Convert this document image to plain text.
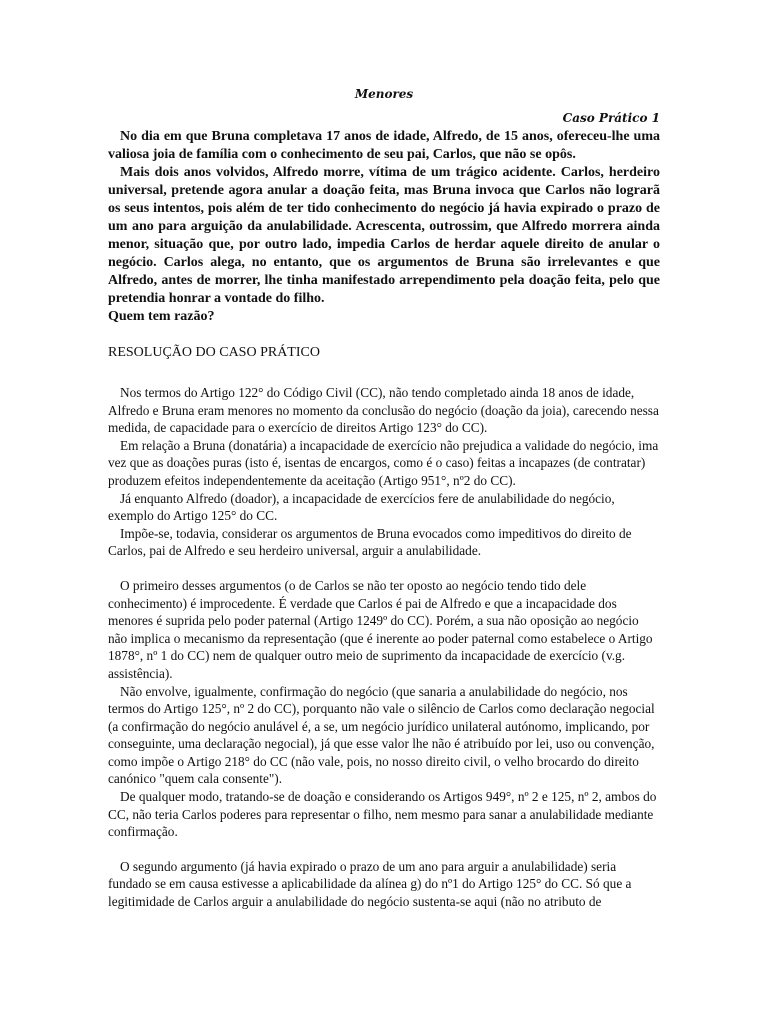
Menores
Caso Prático 1

No dia em que Bruna completava 17 anos de idade, Alfredo, de 15 anos, ofereceu-lhe uma valiosa joia de família com o conhecimento de seu pai, Carlos, que não se opôs.

Mais dois anos volvidos, Alfredo morre, vítima de um trágico acidente. Carlos, herdeiro universal, pretende agora anular a doação feita, mas Bruna invoca que Carlos não lograrã os seus intentos, pois além de ter tido conhecimento do negócio já havia expirado o prazo de um ano para arguição da anulabilidade. Acrescenta, outrossim, que Alfredo morrera ainda menor, situação que, por outro lado, impedia Carlos de herdar aquele direito de anular o negócio. Carlos alega, no entanto, que os argumentos de Bruna são irrelevantes e que Alfredo, antes de morrer, lhe tinha manifestado arrependimento pela doação feita, pelo que pretendia honrar a vontade do filho.

Quem tem razão?

RESOLUÇÃO DO CASO PRÁTICO

Nos termos do Artigo 122° do Código Civil (CC), não tendo completado ainda 18 anos de idade, Alfredo e Bruna eram menores no momento da conclusão do negócio (doação da joia), carecendo nessa medida, de capacidade para o exercício de direitos Artigo 123° do CC).

Em relação a Bruna (donatária) a incapacidade de exercício não prejudica a validade do negócio, ima vez que as doações puras (isto é, isentas de encargos, como é o caso) feitas a incapazes (de contratar) produzem efeitos independentemente da aceitação (Artigo 951°, nº2 do CC).

Já enquanto Alfredo (doador), a incapacidade de exercícios fere de anulabilidade do negócio, exemplo do Artigo 125° do CC.

Impõe-se, todavia, considerar os argumentos de Bruna evocados como impeditivos do direito de Carlos, pai de Alfredo e seu herdeiro universal, arguir a anulabilidade.

O primeiro desses argumentos (o de Carlos se não ter oposto ao negócio tendo tido dele conhecimento) é improcedente. É verdade que Carlos é pai de Alfredo e que a incapacidade dos menores é suprida pelo poder paternal (Artigo 1249º do CC). Porém, a sua não oposição ao negócio não implica o mecanismo da representação (que é inerente ao poder paternal como estabelece o Artigo 1878°, nº 1 do CC) nem de qualquer outro meio de suprimento da incapacidade de exercício (v.g. assistência).

Não envolve, igualmente, confirmação do negócio (que sanaria a anulabilidade do negócio, nos termos do Artigo 125°, nº 2 do CC), porquanto não vale o silêncio de Carlos como declaração negocial (a confirmação do negócio anulável é, a se, um negócio jurídico unilateral autónomo, implicando, por conseguinte, uma declaração negocial), já que esse valor lhe não é atribuído por lei, uso ou convenção, como impõe o Artigo 218° do CC (não vale, pois, no nosso direito civil, o velho brocardo do direito canónico "quem cala consente").

De qualquer modo, tratando-se de doação e considerando os Artigos 949°, nº 2 e 125, nº 2, ambos do CC, não teria Carlos poderes para representar o filho, nem mesmo para sanar a anulabilidade mediante confirmação.

O segundo argumento (já havia expirado o prazo de um ano para arguir a anulabilidade) seria fundado se em causa estivesse a aplicabilidade da alínea g) do nº1 do Artigo 125° do CC. Só que a legitimidade de Carlos arguir a anulabilidade do negócio sustenta-se aqui (não no atributo de
